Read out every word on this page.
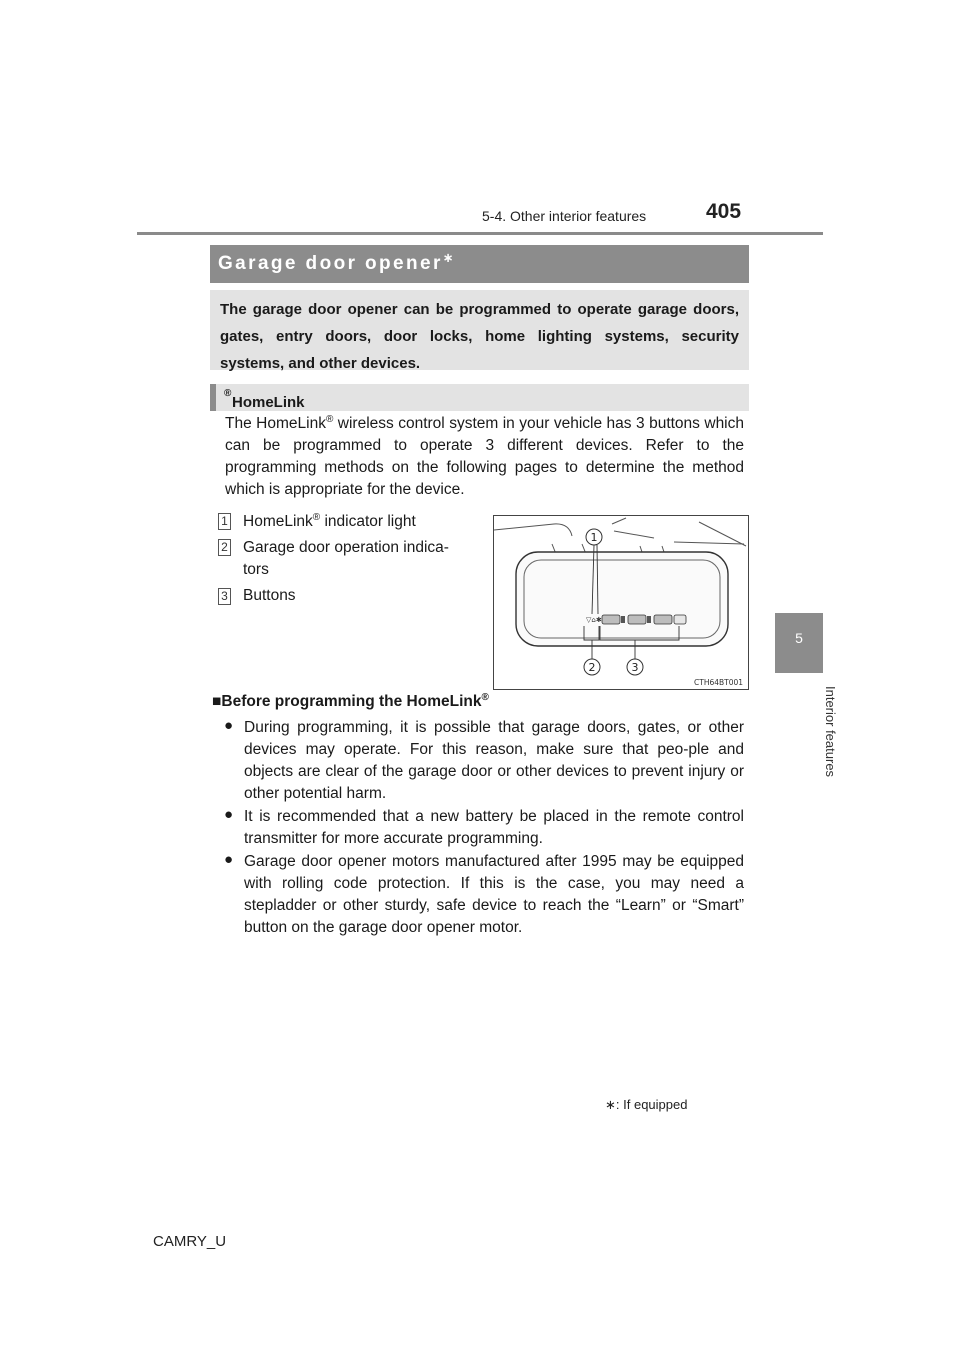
5-4. Other interior features	405
5
Interior features
Garage door opener∗
The garage door opener can be programmed to operate garage doors, gates, entry doors, door locks, home lighting systems, security systems, and other devices.
HomeLink
®
The HomeLink® wireless control system in your vehicle has 3 buttons which can be programmed to operate 3 different devices. Refer to the programming methods on the following pages to determine the method which is appropriate for the device.
1 HomeLink® indicator light
2 Garage door operation indica-
tors
3 Buttons
▽⌂✱
1
2	3
CTH64BT001
■Before programming the HomeLink®
● During programming, it is possible that garage doors, gates, or other devices may operate. For this reason, make sure that peo-ple and objects are clear of the garage door or other devices to prevent injury or other potential harm.
● It is recommended that a new battery be placed in the remote control transmitter for more accurate programming.
● Garage door opener motors manufactured after 1995 may be equipped with rolling code protection. If this is the case, you may need a stepladder or other sturdy, safe device to reach the “Learn” or “Smart” button on the garage door opener motor.
∗: If equipped
CAMRY_U
